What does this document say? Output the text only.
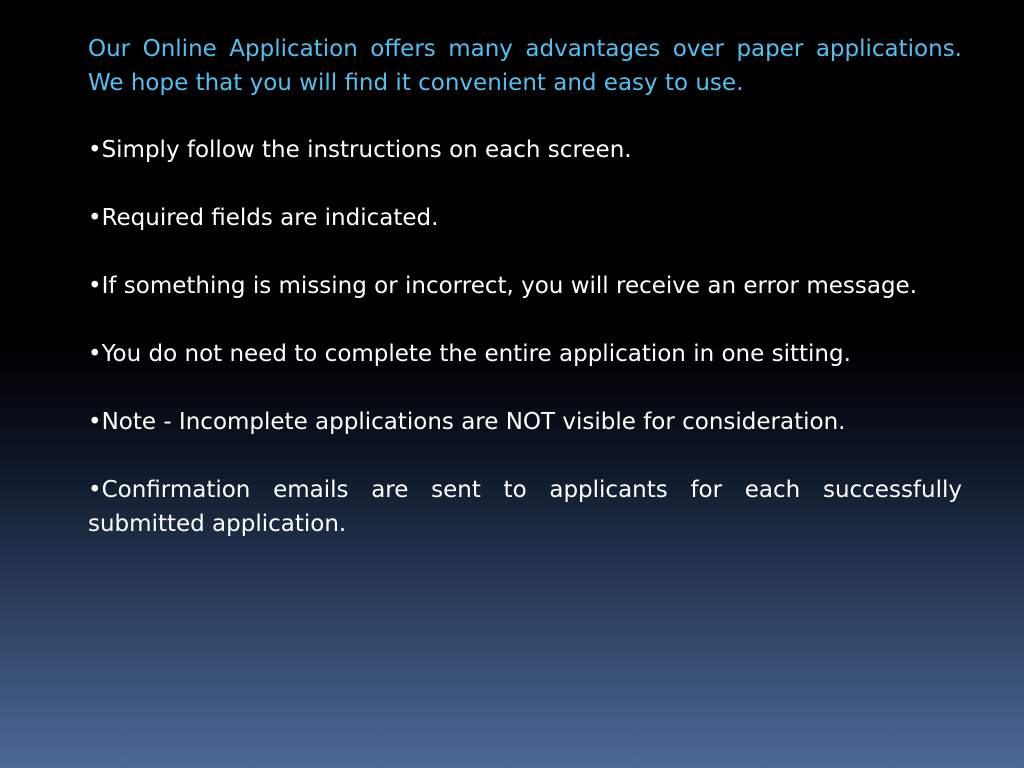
Our Online Application offers many advantages over paper applications. We hope that you will find it convenient and easy to use.

•Simply follow the instructions on each screen.

•Required fields are indicated.

•If something is missing or incorrect, you will receive an error message.

•You do not need to complete the entire application in one sitting.

•Note - Incomplete applications are NOT visible for consideration.

•Confirmation emails are sent to applicants for each successfully submitted application.
